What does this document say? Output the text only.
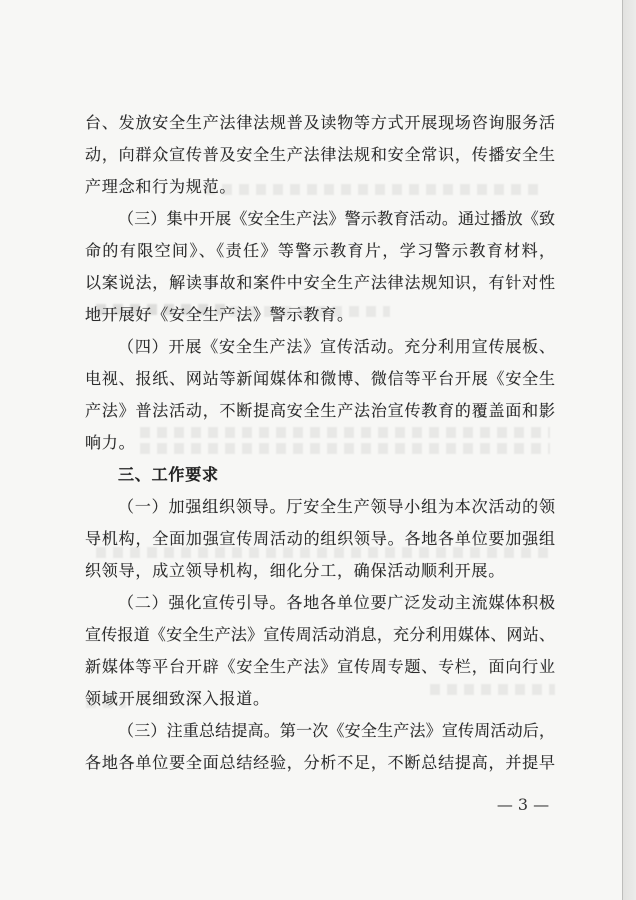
台、发放安全生产法律法规普及读物等方式开展现场咨询服务活
动，向群众宣传普及安全生产法律法规和安全常识，传播安全生
产理念和行为规范。
（三）集中开展《安全生产法》警示教育活动。通过播放《致
命的有限空间》、《责任》等警示教育片，学习警示教育材料，
以案说法，解读事故和案件中安全生产法律法规知识，有针对性
地开展好《安全生产法》警示教育。
（四）开展《安全生产法》宣传活动。充分利用宣传展板、
电视、报纸、网站等新闻媒体和微博、微信等平台开展《安全生
产法》普法活动，不断提高安全生产法治宣传教育的覆盖面和影
响力。
三、工作要求
（一）加强组织领导。厅安全生产领导小组为本次活动的领
导机构，全面加强宣传周活动的组织领导。各地各单位要加强组
织领导，成立领导机构，细化分工，确保活动顺利开展。
（二）强化宣传引导。各地各单位要广泛发动主流媒体积极
宣传报道《安全生产法》宣传周活动消息，充分利用媒体、网站、
新媒体等平台开辟《安全生产法》宣传周专题、专栏，面向行业
领域开展细致深入报道。
（三）注重总结提高。第一次《安全生产法》宣传周活动后，
各地各单位要全面总结经验，分析不足，不断总结提高，并提早
— 3 —
